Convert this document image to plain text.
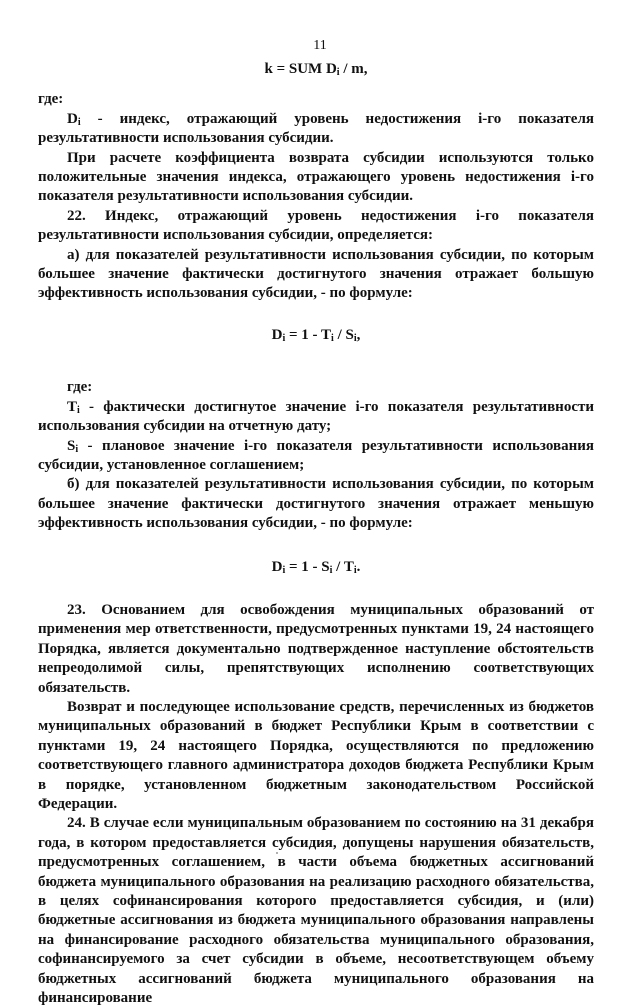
11

k = SUM $D_i$ / m,

где:

$D_i$ - индекс, отражающий уровень недостижения i-го показателя результативности использования субсидии.

При расчете коэффициента возврата субсидии используются только положительные значения индекса, отражающего уровень недостижения i-го показателя результативности использования субсидии.

22. Индекс, отражающий уровень недостижения i-го показателя результативности использования субсидии, определяется:

а) для показателей результативности использования субсидии, по которым большее значение фактически достигнутого значения отражает большую эффективность использования субсидии, - по формуле:

$D_i = 1 - T_i / S_i$,

где:

$T_i$ - фактически достигнутое значение i-го показателя результативности использования субсидии на отчетную дату;

$S_i$ - плановое значение i-го показателя результативности использования субсидии, установленное соглашением;

б) для показателей результативности использования субсидии, по которым большее значение фактически достигнутого значения отражает меньшую эффективность использования субсидии, - по формуле:

$D_i = 1 - S_i / T_i$.

23. Основанием для освобождения муниципальных образований от применения мер ответственности, предусмотренных пунктами 19, 24 настоящего Порядка, является документально подтвержденное наступление обстоятельств непреодолимой силы, препятствующих исполнению соответствующих обязательств.

Возврат и последующее использование средств, перечисленных из бюджетов муниципальных образований в бюджет Республики Крым в соответствии с пунктами 19, 24 настоящего Порядка, осуществляются по предложению соответствующего главного администратора доходов бюджета Республики Крым в порядке, установленном бюджетным законодательством Российской Федерации.

24. В случае если муниципальным образованием по состоянию на 31 декабря года, в котором предоставляется субсидия, допущены нарушения обязательств, предусмотренных соглашением, в части объема бюджетных ассигнований бюджета муниципального образования на реализацию расходного обязательства, в целях софинансирования которого предоставляется субсидия, и (или) бюджетные ассигнования из бюджета муниципального образования направлены на финансирование расходного обязательства муниципального образования, софинансируемого за счет субсидии в объеме, несоответствующем объему бюджетных ассигнований бюджета муниципального образования на финансирование
